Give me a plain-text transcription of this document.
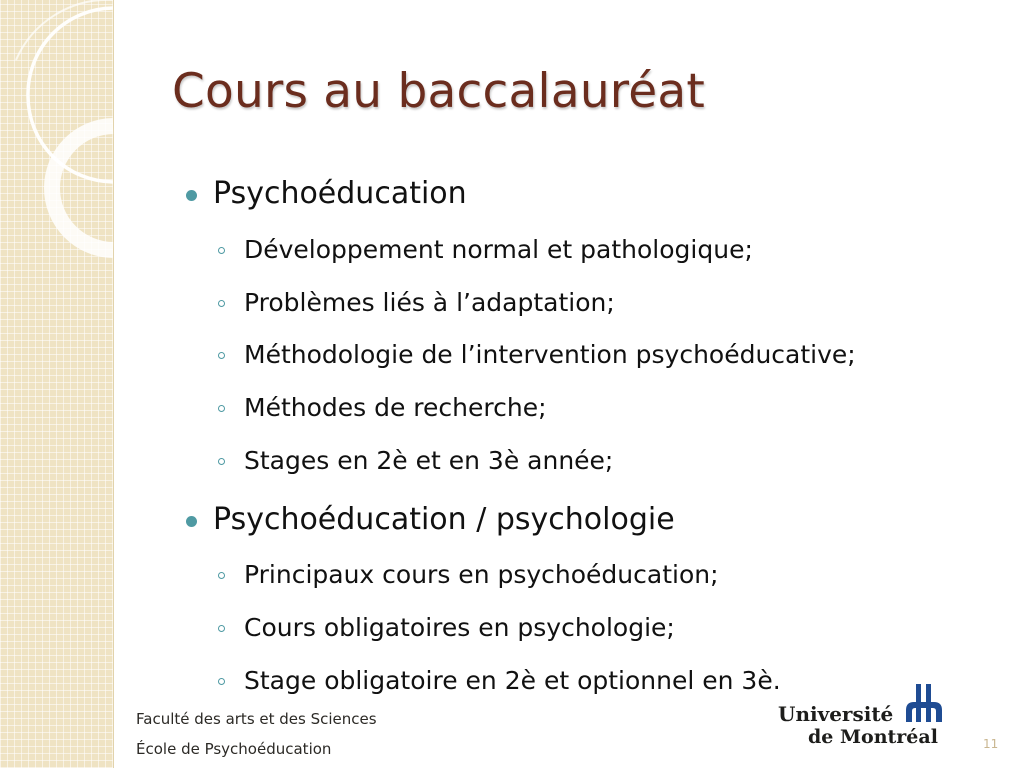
Cours au baccalauréat
Psychoéducation
Développement normal et pathologique;
Problèmes liés à l’adaptation;
Méthodologie de l’intervention psychoéducative;
Méthodes de recherche;
Stages en 2è et en 3è année;
Psychoéducation / psychologie
Principaux cours en psychoéducation;
Cours obligatoires en psychologie;
Stage obligatoire en 2è et optionnel en 3è.
Faculté des arts et des Sciences
École de Psychoéducation
Université
de Montréal	11
